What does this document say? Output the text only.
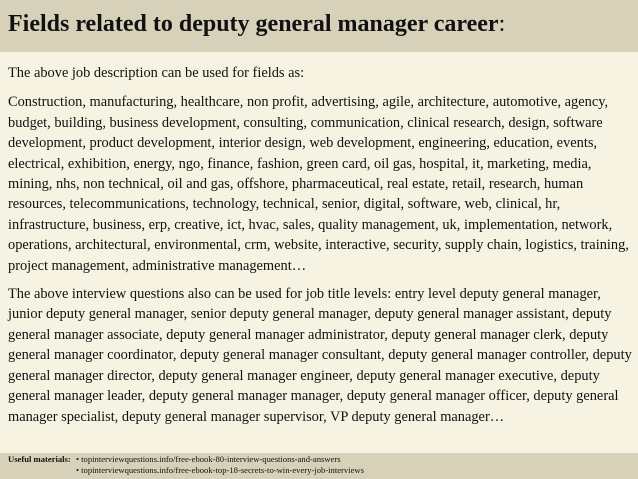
Fields related to deputy general manager career:

The above job description can be used for fields as:

Construction, manufacturing, healthcare, non profit, advertising, agile, architecture, automotive, agency, budget, building, business development, consulting, communication, clinical research, design, software development, product development, interior design, web development, engineering, education, events, electrical, exhibition, energy, ngo, finance, fashion, green card, oil gas, hospital, it, marketing, media, mining, nhs, non technical, oil and gas, offshore, pharmaceutical, real estate, retail, research, human resources, telecommunications, technology, technical, senior, digital, software, web, clinical, hr, infrastructure, business, erp, creative, ict, hvac, sales, quality management, uk, implementation, network, operations, architectural, environmental, crm, website, interactive, security, supply chain, logistics, training, project management, administrative management…

The above interview questions also can be used for job title levels: entry level deputy general manager, junior deputy general manager, senior deputy general manager, deputy general manager assistant, deputy general manager associate, deputy general manager administrator, deputy general manager clerk, deputy general manager coordinator, deputy general manager consultant, deputy general manager controller, deputy general manager director, deputy general manager engineer, deputy general manager executive, deputy general manager leader, deputy general manager manager, deputy general manager officer, deputy general manager specialist, deputy general manager supervisor, VP deputy general manager…

Useful materials: • topinterviewquestions.info/free-ebook-80-interview-questions-and-answers
• topinterviewquestions.info/free-ebook-top-18-secrets-to-win-every-job-interviews
